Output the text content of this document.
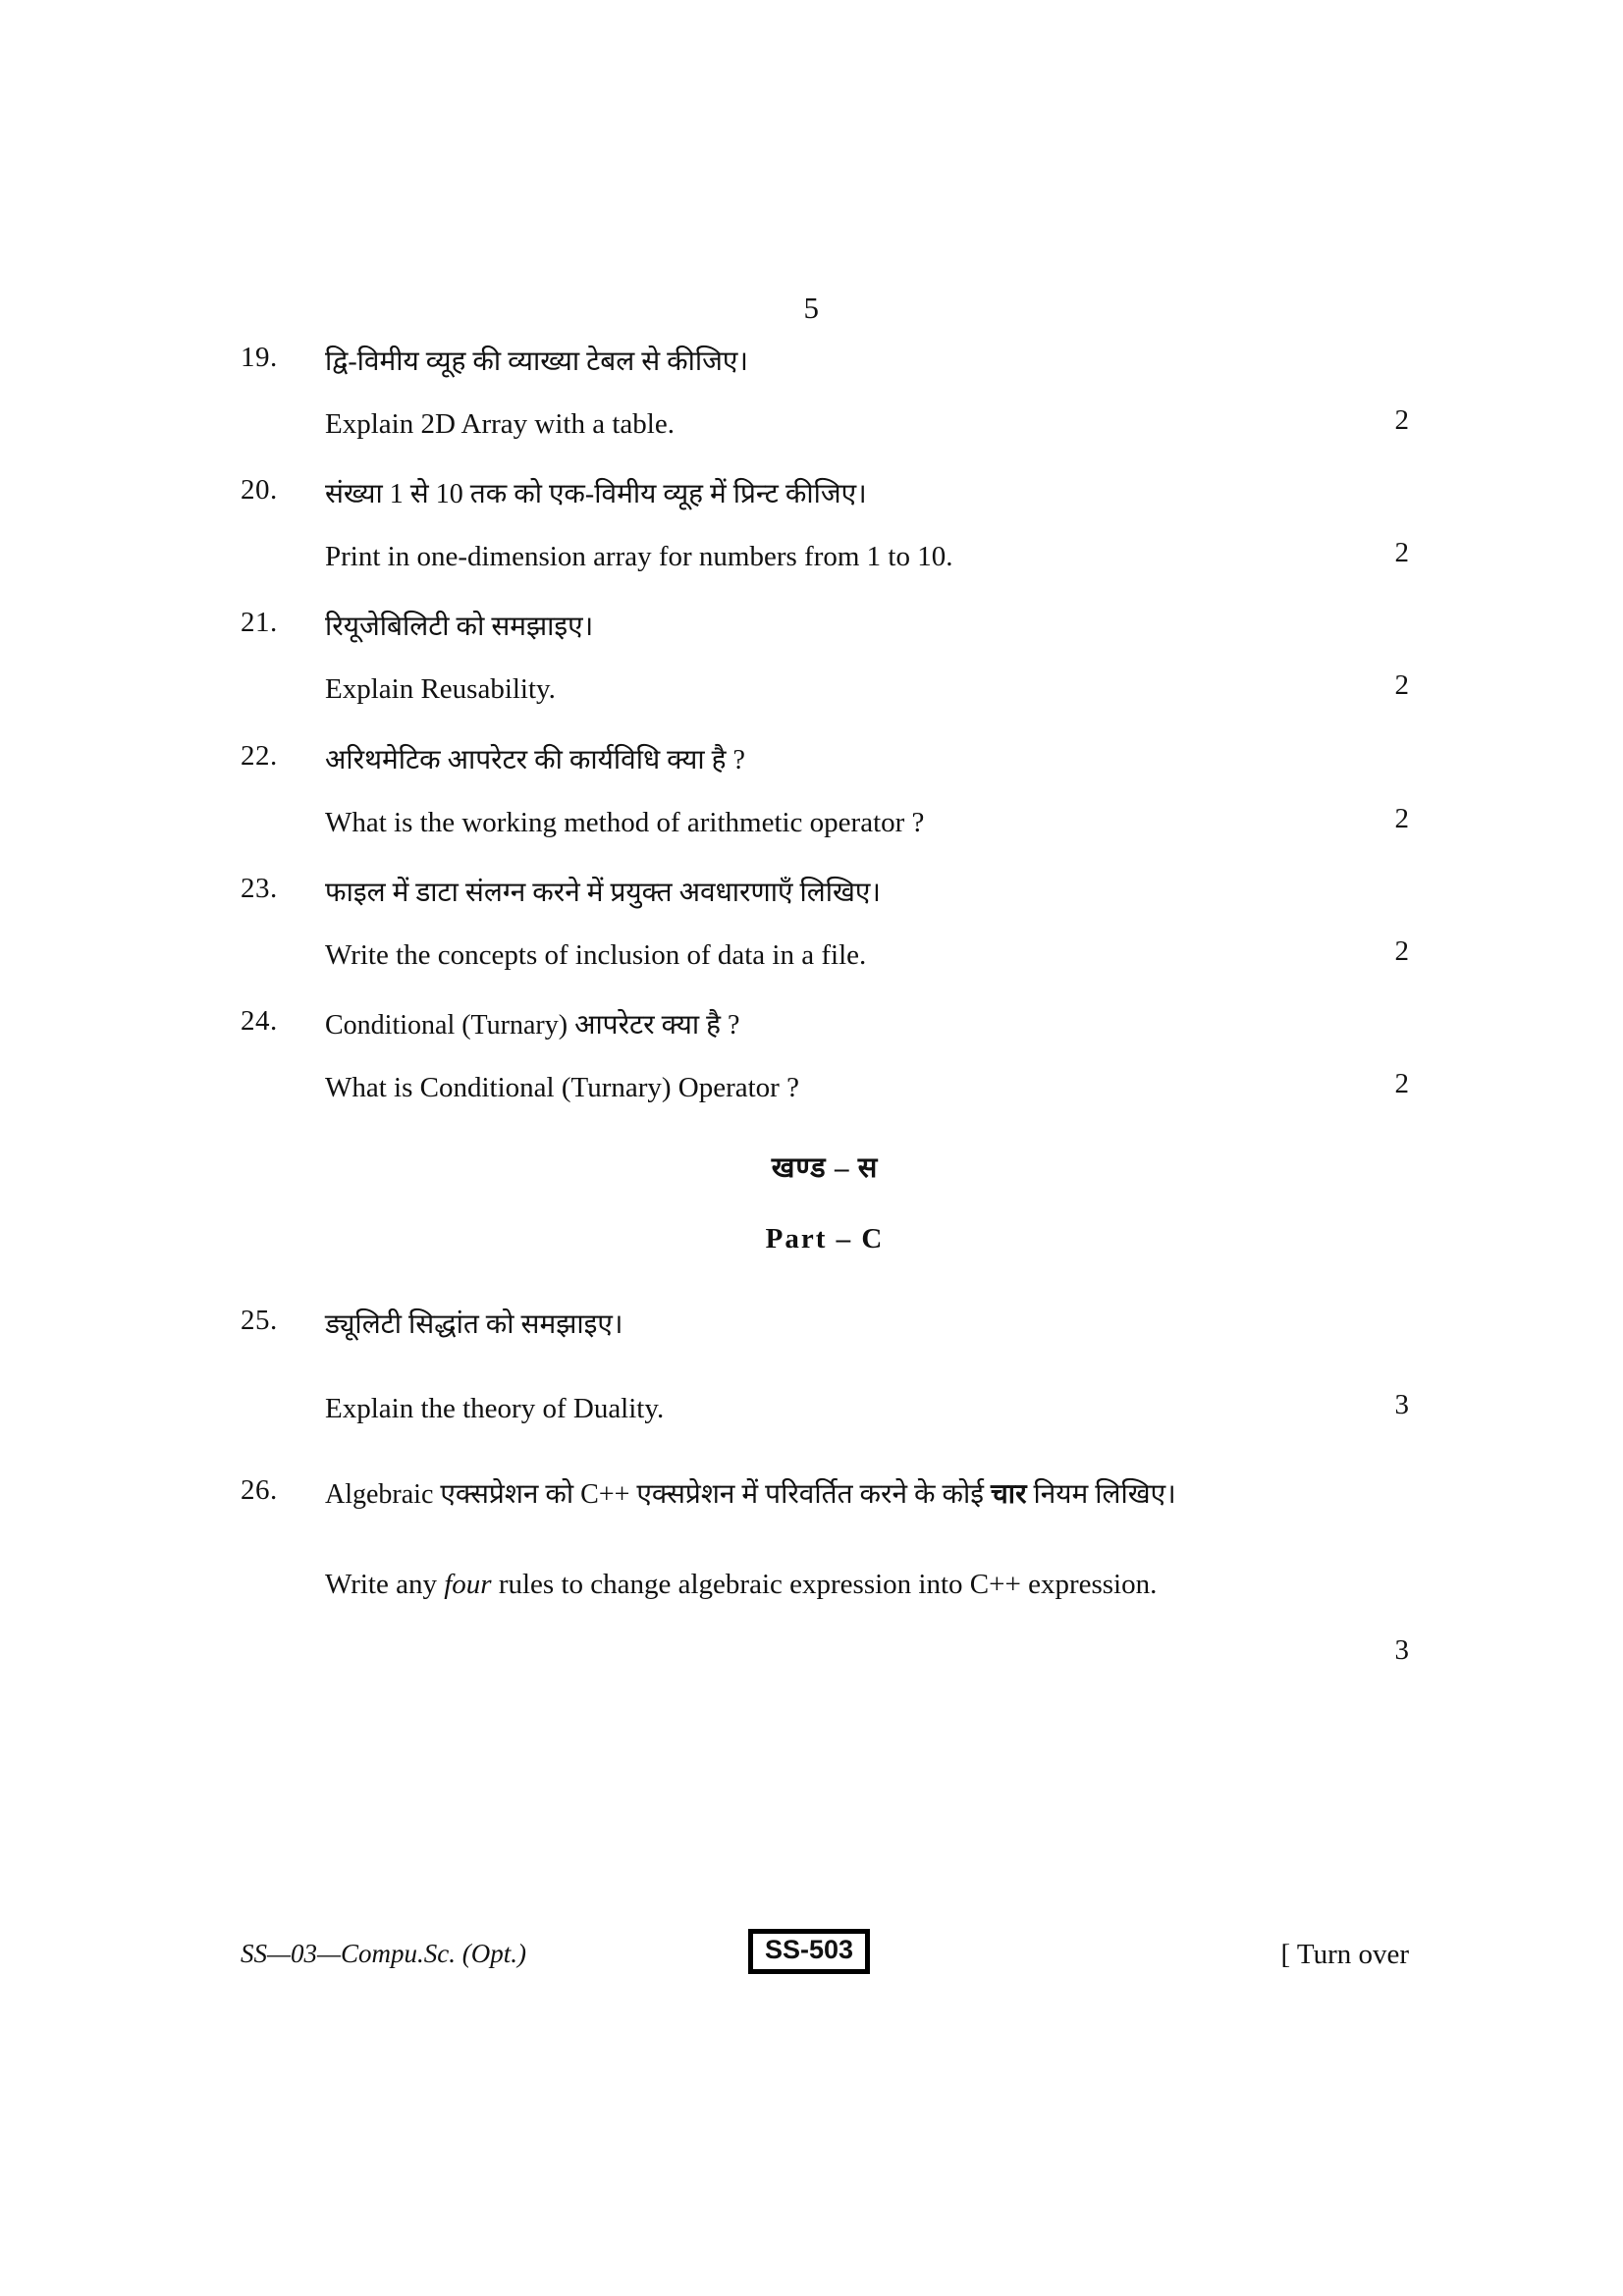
5
19.	द्वि-विमीय व्यूह की व्याख्या टेबल से कीजिए।
Explain 2D Array with a table.	2
20.	संख्या 1 से 10 तक को एक-विमीय व्यूह में प्रिन्ट कीजिए।
Print in one-dimension array for numbers from 1 to 10.	2
21.	रियूजेबिलिटी को समझाइए।
Explain Reusability.	2
22.	अरिथमेटिक आपरेटर की कार्यविधि क्या है ?
What is the working method of arithmetic operator ?	2
23.	फाइल में डाटा संलग्न करने में प्रयुक्त अवधारणाएँ लिखिए।
Write the concepts of inclusion of data in a file.	2
24.	Conditional (Turnary) आपरेटर क्या है ?
What is Conditional (Turnary) Operator ?	2
खण्ड – स
Part – C
25.	ड्यूलिटी सिद्धांत को समझाइए।
Explain the theory of Duality.	3
26.	Algebraic एक्सप्रेशन को C++ एक्सप्रेशन में परिवर्तित करने के कोई चार नियम लिखिए।
Write any four rules to change algebraic expression into C++ expression.
3
SS—03—Compu.Sc. (Opt.)	SS-503	[ Turn over
